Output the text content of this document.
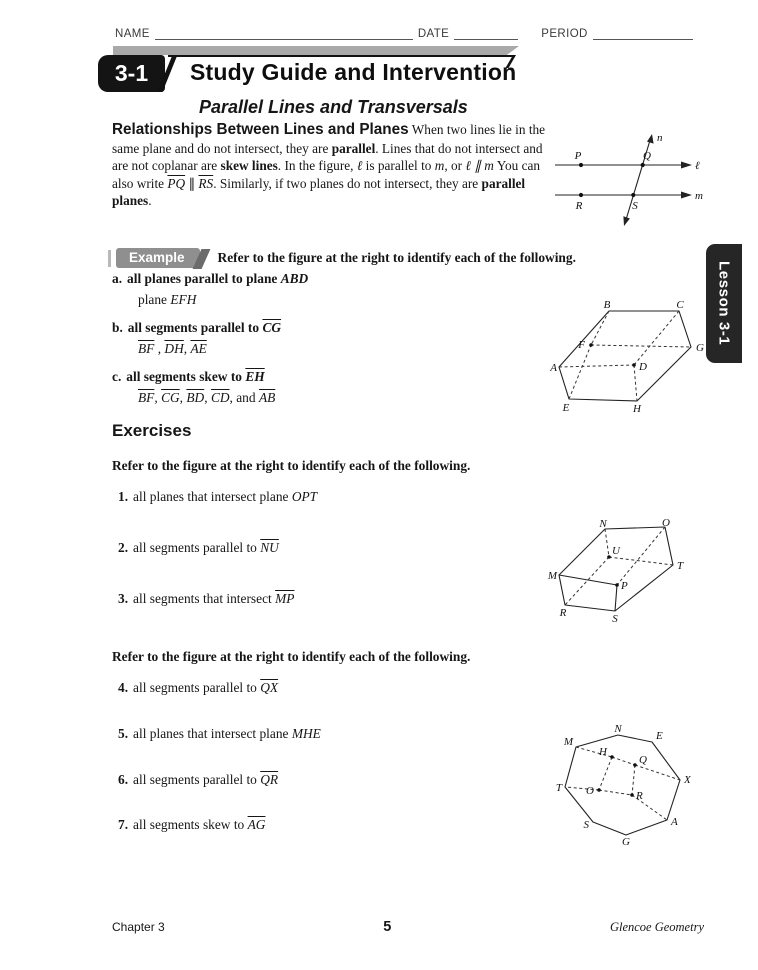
NAME	DATE	PERIOD
3-1 Study Guide and Intervention
Parallel Lines and Transversals

Relationships Between Lines and Planes When two lines lie in the same plane and do not intersect, they are parallel. Lines that do not intersect and are not coplanar are skew lines. In the figure, ℓ is parallel to m, or ℓ ∥ m You can also write $\overline{PQ}$ ∥ $\overline{RS}$. Similarly, if two planes do not intersect, they are parallel planes.

n
ℓ
m
P	Q
R	S
Example	Refer to the figure at the right to identify each of the following.
a. all planes parallel to plane ABD
plane EFH
b. all segments parallel to $\overline{CG}$
$\overline{BF}$ , $\overline{DH}$, $\overline{AE}$
c. all segments skew to $\overline{EH}$
$\overline{BF}$, $\overline{CG}$, $\overline{BD}$, $\overline{CD}$, and $\overline{AB}$
B	C
F	G
A	D
E	H
Lesson 3-1
Exercises

Refer to the figure at the right to identify each of the following.

1. all planes that intersect plane OPT
2. all segments parallel to $\overline{NU}$
3. all segments that intersect $\overline{MP}$
N	O
T
S
R
M
U
P

Refer to the figure at the right to identify each of the following.

4. all segments parallel to $\overline{QX}$
5. all planes that intersect plane MHE
6. all segments parallel to $\overline{QR}$
7. all segments skew to $\overline{AG}$
M
N
E
H
Q
T
X
O	R
S	A
G
Chapter 3	5	Glencoe Geometry
